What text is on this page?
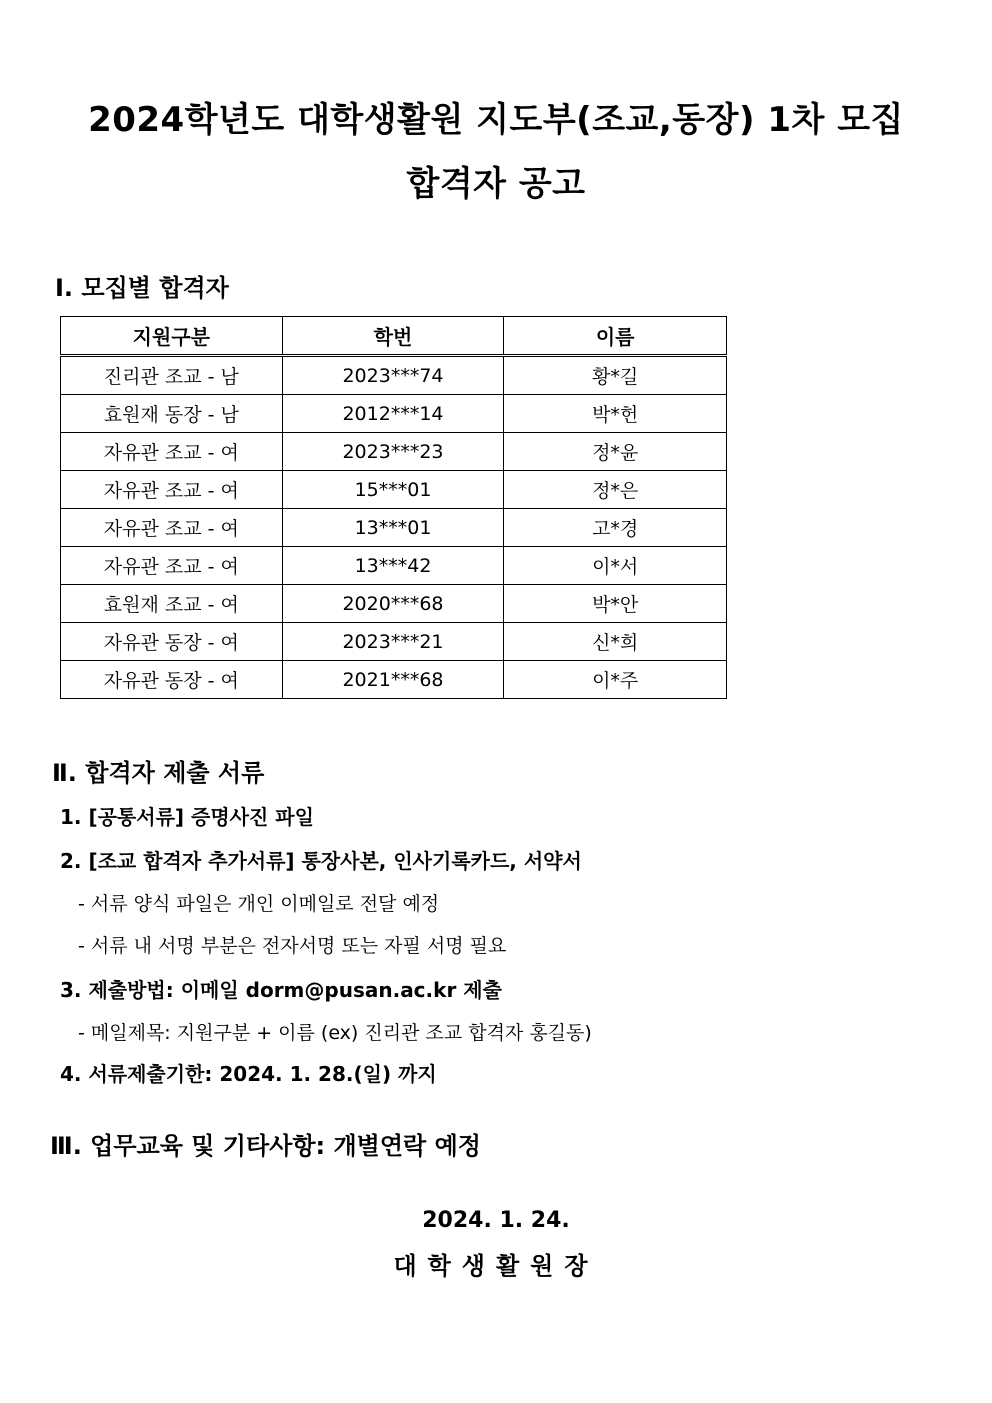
2024학년도 대학생활원 지도부(조교,동장) 1차 모집
합격자 공고
Ⅰ. 모집별 합격자
지원구분	학번	이름
진리관 조교 - 남	2023***74	황*길
효원재 동장 - 남	2012***14	박*헌
자유관 조교 - 여	2023***23	정*윤
자유관 조교 - 여	15***01	정*은
자유관 조교 - 여	13***01	고*경
자유관 조교 - 여	13***42	이*서
효원재 조교 - 여	2020***68	박*안
자유관 동장 - 여	2023***21	신*희
자유관 동장 - 여	2021***68	이*주
Ⅱ. 합격자 제출 서류
1. [공통서류] 증명사진 파일
2. [조교 합격자 추가서류] 통장사본, 인사기록카드, 서약서
- 서류 양식 파일은 개인 이메일로 전달 예정
- 서류 내 서명 부분은 전자서명 또는 자필 서명 필요
3. 제출방법: 이메일 dorm@pusan.ac.kr 제출
- 메일제목: 지원구분 + 이름 (ex) 진리관 조교 합격자 홍길동)
4. 서류제출기한: 2024. 1. 28.(일) 까지
Ⅲ. 업무교육 및 기타사항: 개별연락 예정
2024. 1. 24.
대학생활원장
